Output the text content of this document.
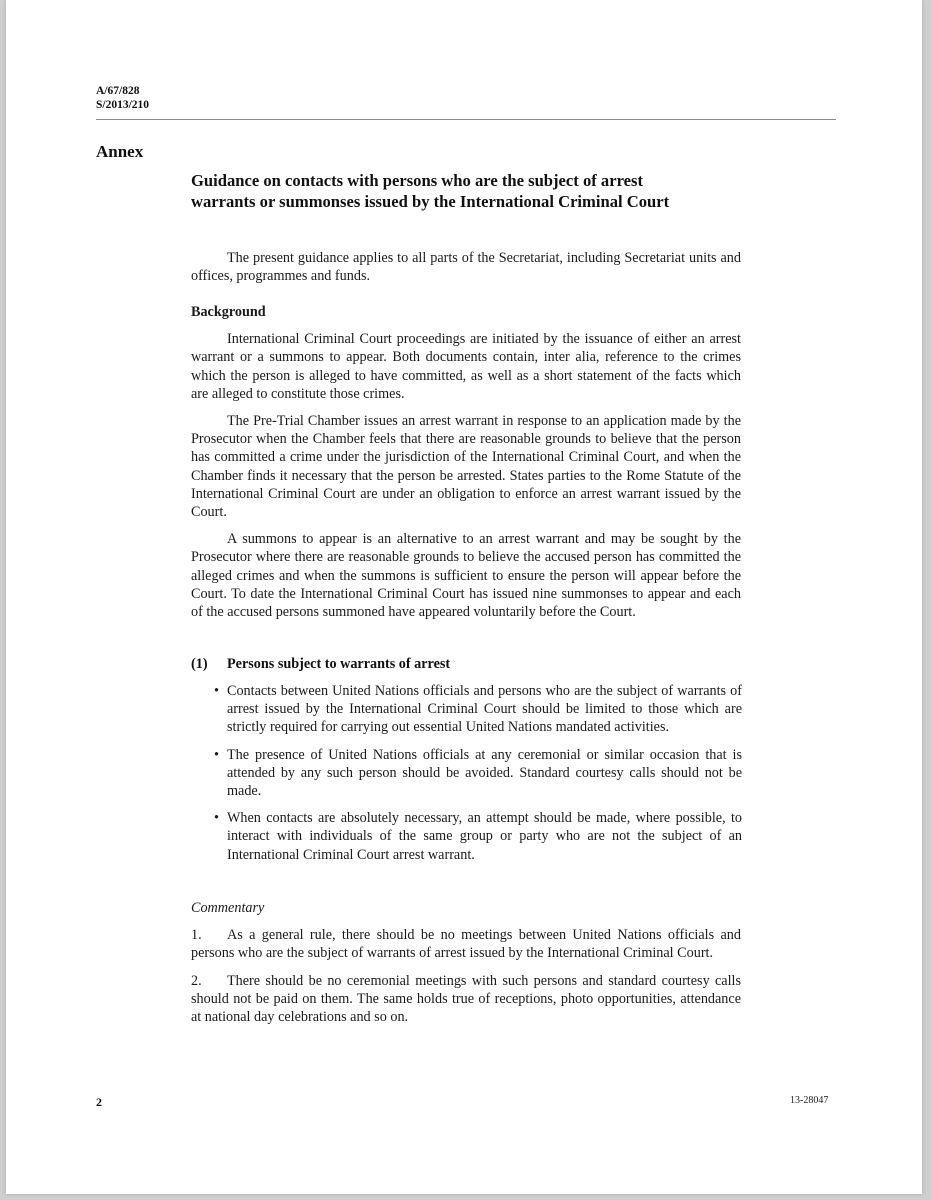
A/67/828
S/2013/210
Annex
Guidance on contacts with persons who are the subject of arrest warrants or summonses issued by the International Criminal Court

The present guidance applies to all parts of the Secretariat, including Secretariat units and offices, programmes and funds.

Background

International Criminal Court proceedings are initiated by the issuance of either an arrest warrant or a summons to appear. Both documents contain, inter alia, reference to the crimes which the person is alleged to have committed, as well as a short statement of the facts which are alleged to constitute those crimes.

The Pre-Trial Chamber issues an arrest warrant in response to an application made by the Prosecutor when the Chamber feels that there are reasonable grounds to believe that the person has committed a crime under the jurisdiction of the International Criminal Court, and when the Chamber finds it necessary that the person be arrested. States parties to the Rome Statute of the International Criminal Court are under an obligation to enforce an arrest warrant issued by the Court.

A summons to appear is an alternative to an arrest warrant and may be sought by the Prosecutor where there are reasonable grounds to believe the accused person has committed the alleged crimes and when the summons is sufficient to ensure the person will appear before the Court. To date the International Criminal Court has issued nine summonses to appear and each of the accused persons summoned have appeared voluntarily before the Court.

(1) Persons subject to warrants of arrest

• Contacts between United Nations officials and persons who are the subject of warrants of arrest issued by the International Criminal Court should be limited to those which are strictly required for carrying out essential United Nations mandated activities.

• The presence of United Nations officials at any ceremonial or similar occasion that is attended by any such person should be avoided. Standard courtesy calls should not be made.

• When contacts are absolutely necessary, an attempt should be made, where possible, to interact with individuals of the same group or party who are not the subject of an International Criminal Court arrest warrant.

Commentary

1. As a general rule, there should be no meetings between United Nations officials and persons who are the subject of warrants of arrest issued by the International Criminal Court.

2. There should be no ceremonial meetings with such persons and standard courtesy calls should not be paid on them. The same holds true of receptions, photo opportunities, attendance at national day celebrations and so on.

2	13-28047
